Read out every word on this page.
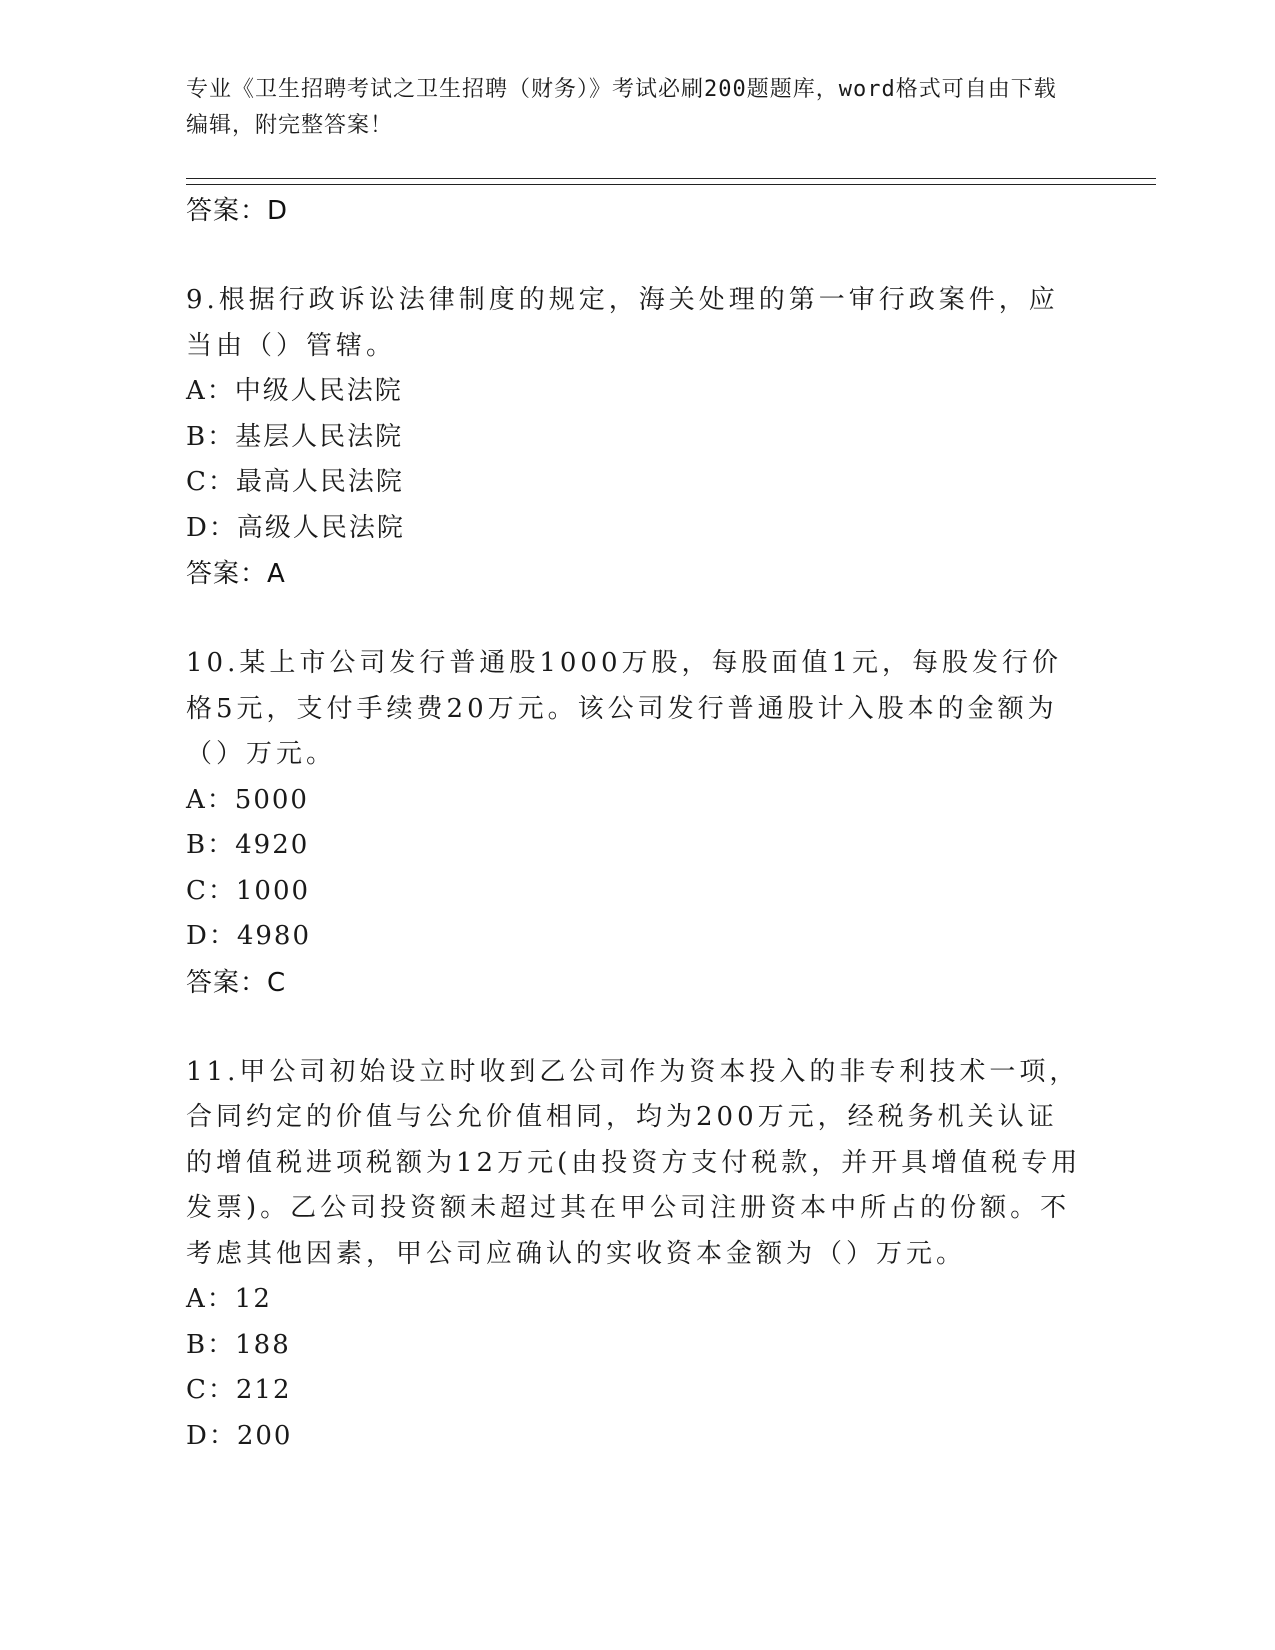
专业《卫生招聘考试之卫生招聘（财务）》考试必刷200题题库，word格式可自由下载编辑，附完整答案！
答案：D
9.根据行政诉讼法律制度的规定，海关处理的第一审行政案件，应当由（）管辖。
A：中级人民法院
B：基层人民法院
C：最高人民法院
D：高级人民法院
答案：A
10.某上市公司发行普通股1000万股，每股面值1元，每股发行价格5元，支付手续费20万元。该公司发行普通股计入股本的金额为（）万元。
A：5000
B：4920
C：1000
D：4980
答案：C
11.甲公司初始设立时收到乙公司作为资本投入的非专利技术一项，合同约定的价值与公允价值相同，均为200万元，经税务机关认证的增值税进项税额为12万元(由投资方支付税款，并开具增值税专用发票)。乙公司投资额未超过其在甲公司注册资本中所占的份额。不考虑其他因素，甲公司应确认的实收资本金额为（）万元。
A：12
B：188
C：212
D：200
